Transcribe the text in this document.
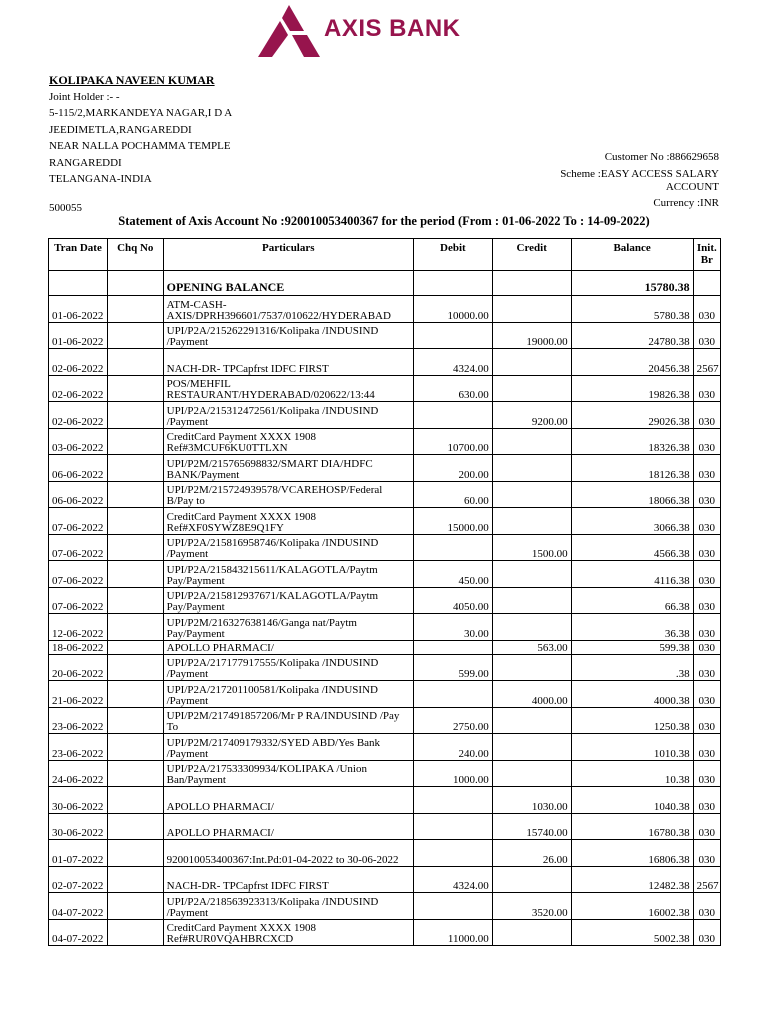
AXIS BANK
KOLIPAKA NAVEEN KUMAR
Joint Holder :- -
5-115/2,MARKANDEYA NAGAR,I D A
JEEDIMETLA,RANGAREDDI
NEAR NALLA POCHAMMA TEMPLE
RANGAREDDI
TELANGANA-INDIA
500055
Customer No :886629658
Scheme :EASY ACCESS SALARY
ACCOUNT
Currency :INR
Statement of Axis Account No :920010053400367 for the period (From : 01-06-2022 To : 14-09-2022)
Tran Date	Chq No	Particulars	Debit	Credit	Balance	Init. Br
		OPENING BALANCE			15780.38	
01-06-2022		ATM-CASH-AXIS/DPRH396601/7537/010622/HYDERABAD	10000.00		5780.38	030
01-06-2022		UPI/P2A/215262291316/Kolipaka /INDUSIND /Payment		19000.00	24780.38	030
02-06-2022		NACH-DR- TPCapfrst IDFC FIRST	4324.00		20456.38	2567
02-06-2022		POS/MEHFIL RESTAURANT/HYDERABAD/020622/13:44	630.00		19826.38	030
02-06-2022		UPI/P2A/215312472561/Kolipaka /INDUSIND /Payment		9200.00	29026.38	030
03-06-2022		CreditCard Payment XXXX 1908 Ref#3MCUF6KU0TTLXN	10700.00		18326.38	030
06-06-2022		UPI/P2M/215765698832/SMART DIA/HDFC BANK/Payment	200.00		18126.38	030
06-06-2022		UPI/P2M/215724939578/VCAREHOSP/Federal B/Pay to	60.00		18066.38	030
07-06-2022		CreditCard Payment XXXX 1908 Ref#XF0SYWZ8E9Q1FY	15000.00		3066.38	030
07-06-2022		UPI/P2A/215816958746/Kolipaka /INDUSIND /Payment		1500.00	4566.38	030
07-06-2022		UPI/P2A/215843215611/KALAGOTLA/Paytm Pay/Payment	450.00		4116.38	030
07-06-2022		UPI/P2A/215812937671/KALAGOTLA/Paytm Pay/Payment	4050.00		66.38	030
12-06-2022		UPI/P2M/216327638146/Ganga nat/Paytm Pay/Payment	30.00		36.38	030
18-06-2022		APOLLO PHARMACI/		563.00	599.38	030
20-06-2022		UPI/P2A/217177917555/Kolipaka /INDUSIND /Payment	599.00		.38	030
21-06-2022		UPI/P2A/217201100581/Kolipaka /INDUSIND /Payment		4000.00	4000.38	030
23-06-2022		UPI/P2M/217491857206/Mr P RA/INDUSIND /Pay To	2750.00		1250.38	030
23-06-2022		UPI/P2M/217409179332/SYED ABD/Yes Bank /Payment	240.00		1010.38	030
24-06-2022		UPI/P2A/217533309934/KOLIPAKA /Union Ban/Payment	1000.00		10.38	030
30-06-2022		APOLLO PHARMACI/		1030.00	1040.38	030
30-06-2022		APOLLO PHARMACI/		15740.00	16780.38	030
01-07-2022		920010053400367:Int.Pd:01-04-2022 to 30-06-2022		26.00	16806.38	030
02-07-2022		NACH-DR- TPCapfrst IDFC FIRST	4324.00		12482.38	2567
04-07-2022		UPI/P2A/218563923313/Kolipaka /INDUSIND /Payment		3520.00	16002.38	030
04-07-2022		CreditCard Payment XXXX 1908 Ref#RUR0VQAHBRCXCD	11000.00		5002.38	030
